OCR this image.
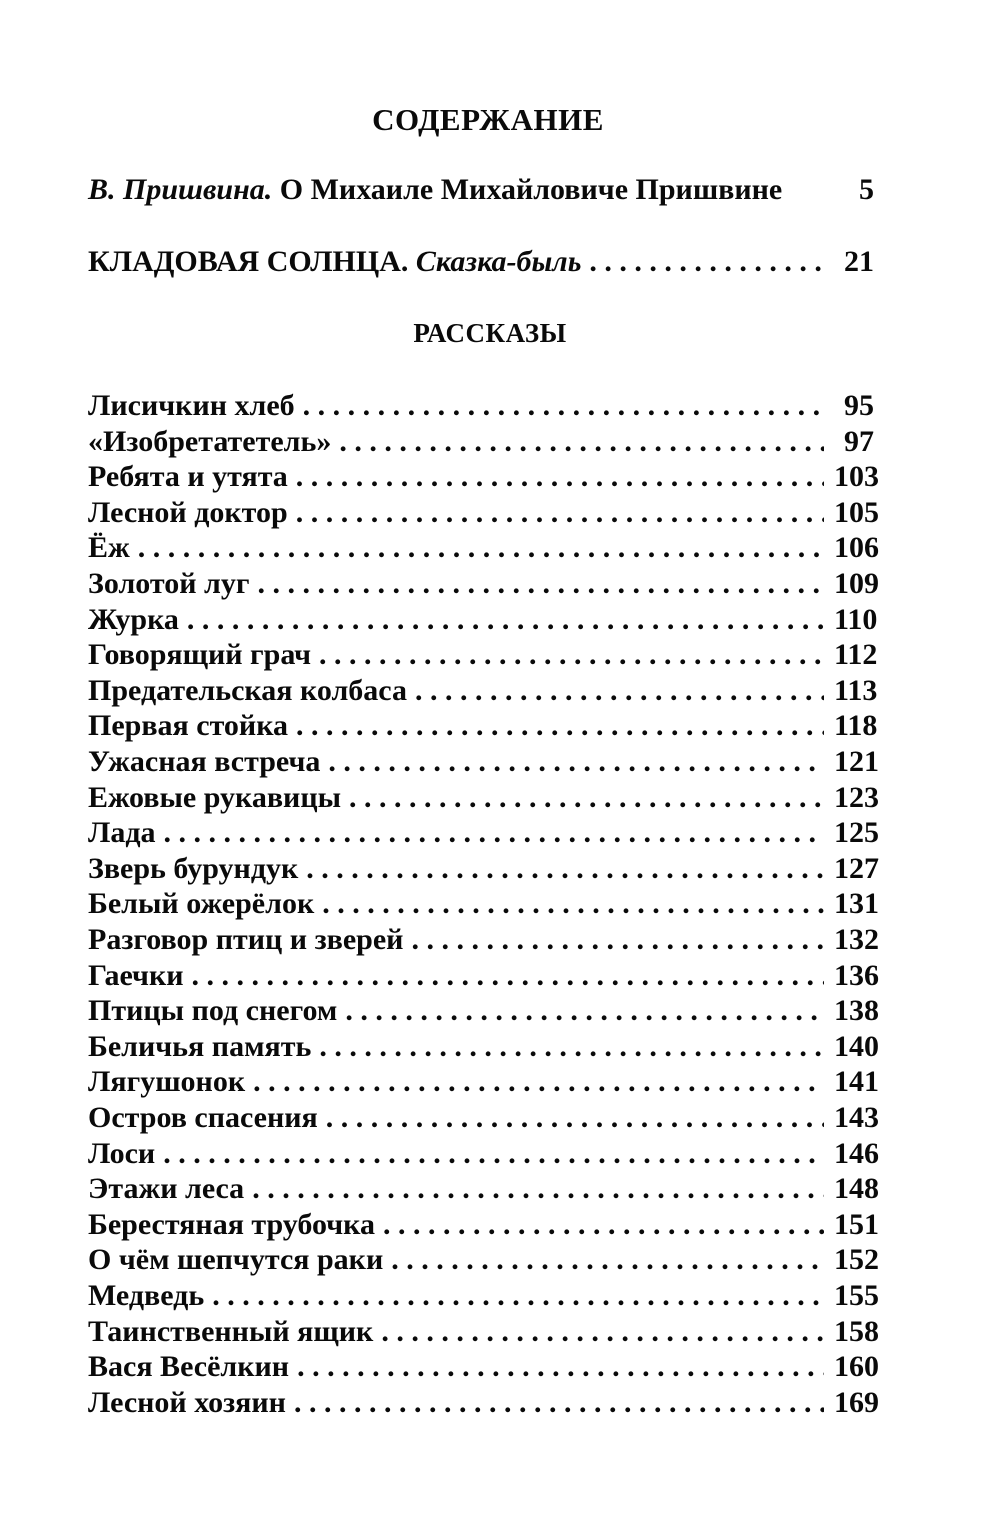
СОДЕРЖАНИЕ
В. Пришвина. О Михаиле Михайловиче Пришвине	5
КЛАДОВАЯ СОЛНЦА. Сказка-быль . . .	21
РАССКАЗЫ
Лисичкин хлеб . . .	95
«Изобретатетель» . . .	97
Ребята и утята . . .	103
Лесной доктор . . .	105
Ёж . . .	106
Золотой луг . . .	109
Журка . . .	110
Говорящий грач . . .	112
Предательская колбаса . . .	113
Первая стойка . . .	118
Ужасная встреча . . .	121
Ежовые рукавицы . . .	123
Лада . . .	125
Зверь бурундук . . .	127
Белый ожерёлок . . .	131
Разговор птиц и зверей . . .	132
Гаечки . . .	136
Птицы под снегом . . .	138
Беличья память . . .	140
Лягушонок . . .	141
Остров спасения . . .	143
Лоси . . .	146
Этажи леса . . .	148
Берестяная трубочка . . .	151
О чём шепчутся раки . . .	152
Медведь . . .	155
Таинственный ящик . . .	158
Вася Весёлкин . . .	160
Лесной хозяин . . .	169
